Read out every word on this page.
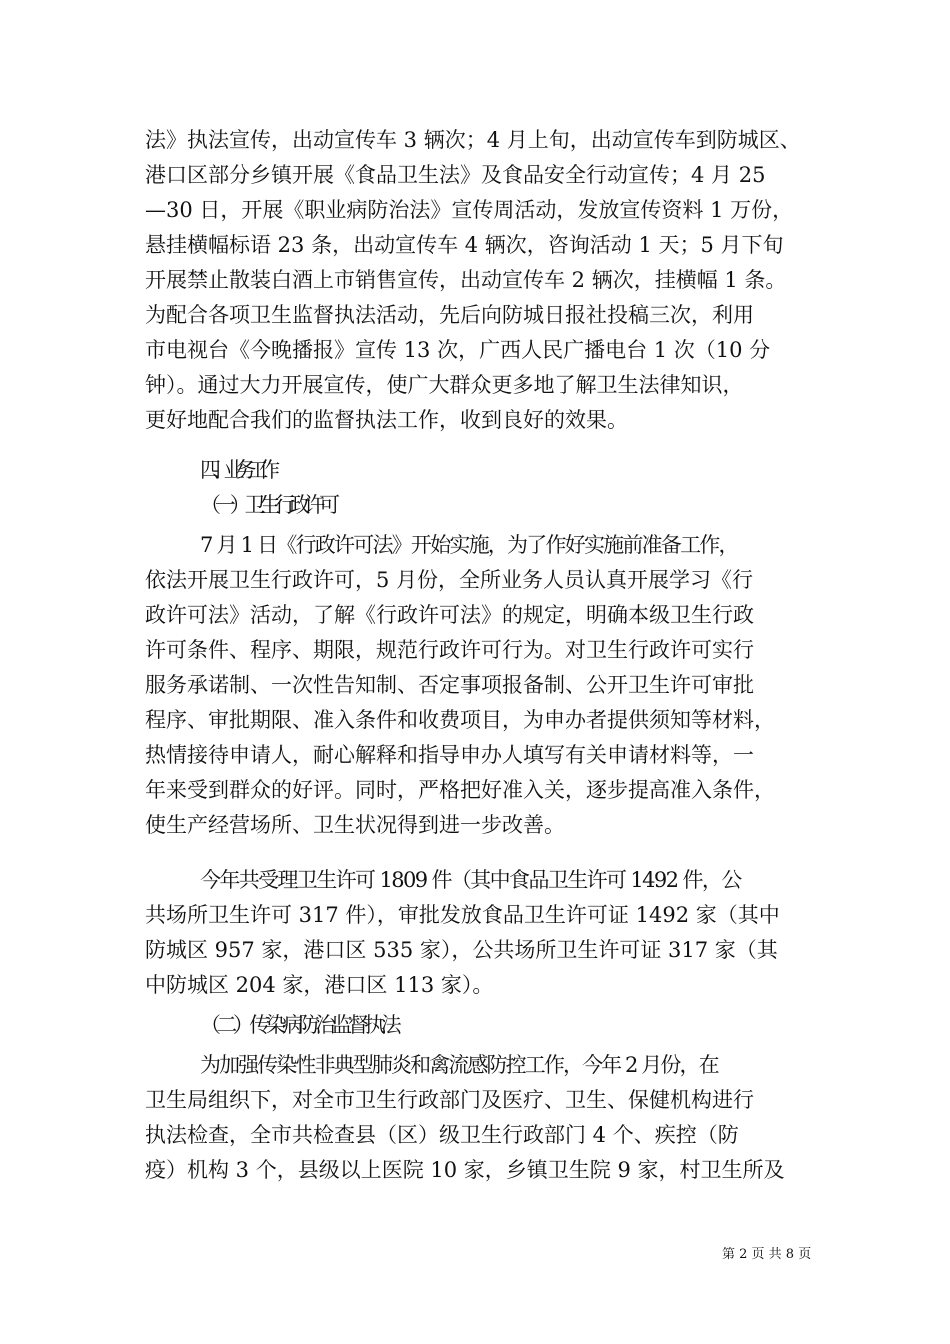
法》执法宣传，出动宣传车 3 辆次；4 月上旬，出动宣传车到防城区、
港口区部分乡镇开展《食品卫生法》及食品安全行动宣传；4 月 25
—30 日，开展《职业病防治法》宣传周活动，发放宣传资料 1 万份，
悬挂横幅标语 23 条，出动宣传车 4 辆次，咨询活动 1 天；5 月下旬
开展禁止散装白酒上市销售宣传，出动宣传车 2 辆次，挂横幅 1 条。
为配合各项卫生监督执法活动，先后向防城日报社投稿三次，利用
市电视台《今晚播报》宣传 13 次，广西人民广播电台 1 次（10 分
钟）。通过大力开展宣传，使广大群众更多地了解卫生法律知识，
更好地配合我们的监督执法工作，收到良好的效果。
四、业务工作
（一）卫生行政许可
7 月 1 日《行政许可法》开始实施，为了作好实施前准备工作，
依法开展卫生行政许可，5 月份，全所业务人员认真开展学习《行
政许可法》活动，了解《行政许可法》的规定，明确本级卫生行政
许可条件、程序、期限，规范行政许可行为。对卫生行政许可实行
服务承诺制、一次性告知制、否定事项报备制、公开卫生许可审批
程序、审批期限、准入条件和收费项目，为申办者提供须知等材料，
热情接待申请人，耐心解释和指导申办人填写有关申请材料等，一
年来受到群众的好评。同时，严格把好准入关，逐步提高准入条件，
使生产经营场所、卫生状况得到进一步改善。
今年共受理卫生许可 1809 件（其中食品卫生许可 1492 件，公
共场所卫生许可 317 件），审批发放食品卫生许可证 1492 家（其中
防城区 957 家，港口区 535 家），公共场所卫生许可证 317 家（其
中防城区 204 家，港口区 113 家）。
（二）传染病防治监督执法
为加强传染性非典型肺炎和禽流感防控工作，今年 2 月份，在
卫生局组织下，对全市卫生行政部门及医疗、卫生、保健机构进行
执法检查，全市共检查县（区）级卫生行政部门 4 个、疾控（防
疫）机构 3 个，县级以上医院 10 家，乡镇卫生院 9 家，村卫生所及
第 2 页 共 8 页
